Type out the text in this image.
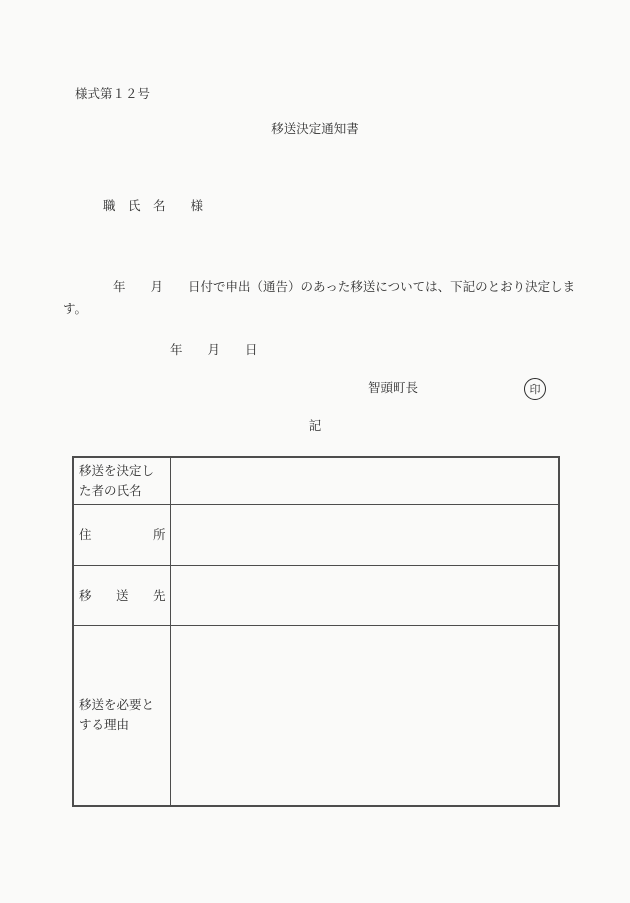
様式第１２号
移送決定通知書
職　氏　名　　様
　　　　年　　月　　日付で申出（通告）のあった移送については、下記のとおり決定しま
す。
年　　月　　日
智頭町長	印
記
移送を決定した者の氏名	

住 所	

移 送 先	

移送を必要とする理由	
